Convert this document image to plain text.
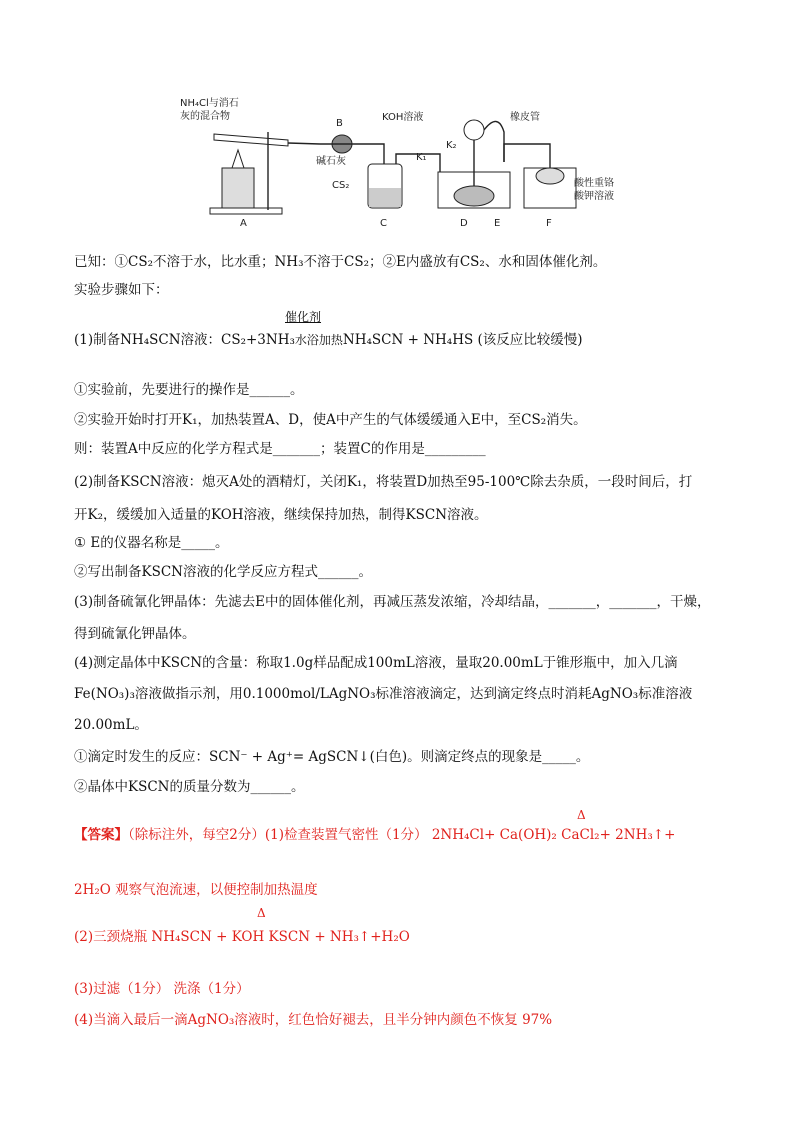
NH₄Cl与消石
灰的混合物
B
碱石灰
CS₂
KOH溶液	橡皮管
K₁
K₂
酸性重铬
酸钾溶液
A	C	D	E	F
已知：①CS₂不溶于水，比水重；NH₃不溶于CS₂；②E内盛放有CS₂、水和固体催化剂。
实验步骤如下：
催化剂
(1)制备NH₄SCN溶液：CS₂+3NH₃水浴加热NH₄SCN + NH₄HS (该反应比较缓慢)
①实验前，先要进行的操作是______。
②实验开始时打开K₁，加热装置A、D，使A中产生的气体缓缓通入E中，至CS₂消失。
则：装置A中反应的化学方程式是_______；装置C的作用是_________
(2)制备KSCN溶液：熄灭A处的酒精灯，关闭K₁，将装置D加热至95-100℃除去杂质，一段时间后，打
开K₂，缓缓加入适量的KOH溶液，继续保持加热，制得KSCN溶液。
① E的仪器名称是_____。
②写出制备KSCN溶液的化学反应方程式______。
(3)制备硫氰化钾晶体：先滤去E中的固体催化剂，再减压蒸发浓缩，冷却结晶，_______，_______，干燥，
得到硫氰化钾晶体。
(4)测定晶体中KSCN的含量：称取1.0g样品配成100mL溶液，量取20.00mL于锥形瓶中，加入几滴
Fe(NO₃)₃溶液做指示剂，用0.1000mol/LAgNO₃标准溶液滴定，达到滴定终点时消耗AgNO₃标准溶液
20.00mL。
①滴定时发生的反应：SCN⁻ + Ag⁺= AgSCN↓(白色)。则滴定终点的现象是_____。
②晶体中KSCN的质量分数为______。
Δ
【答案】（除标注外，每空2分）(1)检查装置气密性（1分） 2NH₄Cl+ Ca(OH)₂ CaCl₂+ 2NH₃↑+
2H₂O 观察气泡流速，以便控制加热温度
Δ
(2)三颈烧瓶 NH₄SCN + KOH KSCN + NH₃↑+H₂O
(3)过滤（1分） 洗涤（1分）
(4)当滴入最后一滴AgNO₃溶液时，红色恰好褪去，且半分钟内颜色不恢复 97%
